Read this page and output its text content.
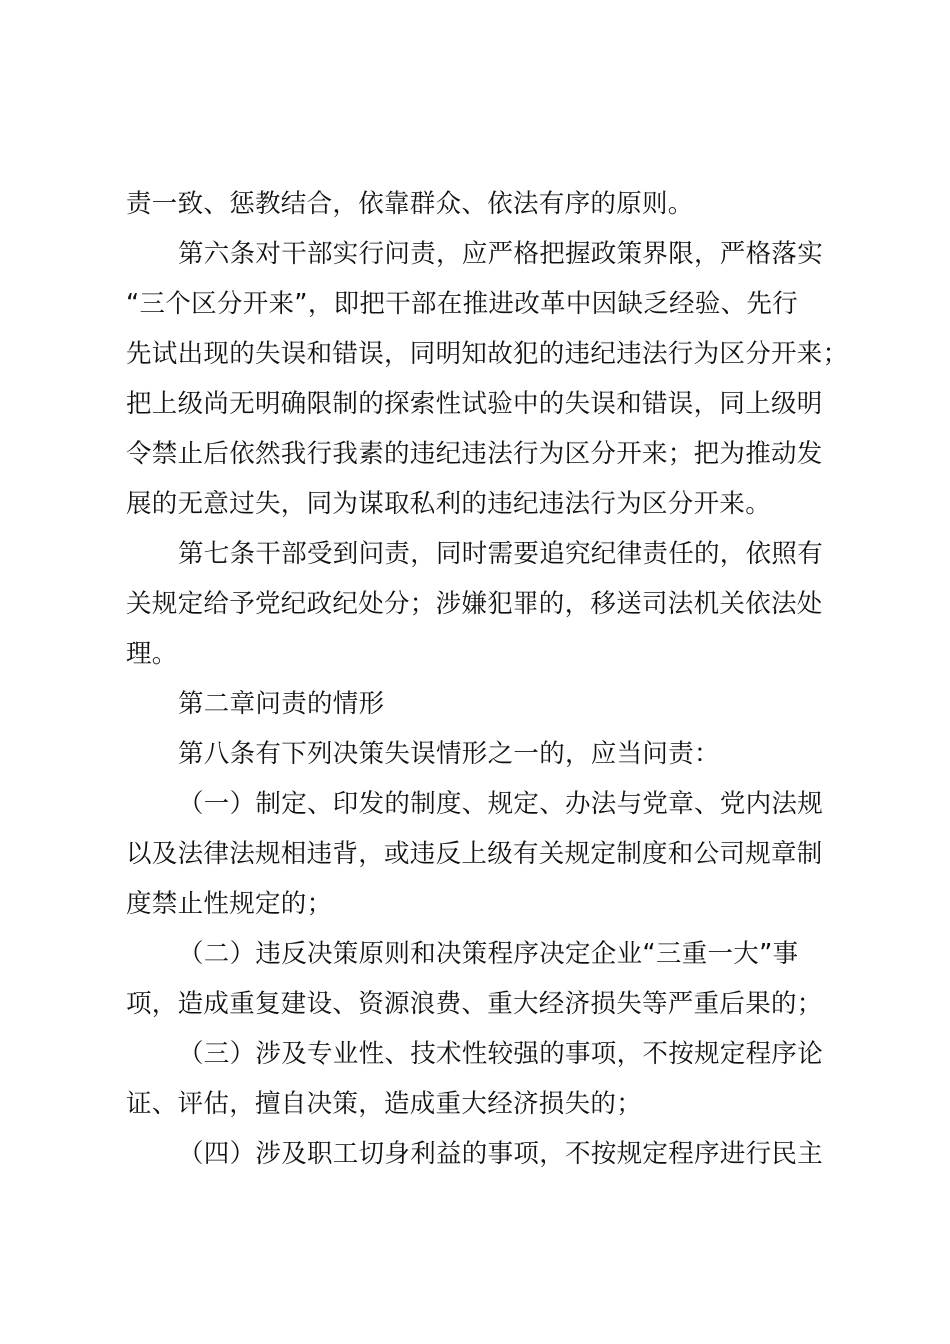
责一致、惩教结合，依靠群众、依法有序的原则。
第六条对干部实行问责，应严格把握政策界限，严格落实
“三个区分开来”，即把干部在推进改革中因缺乏经验、先行
先试出现的失误和错误，同明知故犯的违纪违法行为区分开来；
把上级尚无明确限制的探索性试验中的失误和错误，同上级明
令禁止后依然我行我素的违纪违法行为区分开来；把为推动发
展的无意过失，同为谋取私利的违纪违法行为区分开来。
第七条干部受到问责，同时需要追究纪律责任的，依照有
关规定给予党纪政纪处分；涉嫌犯罪的，移送司法机关依法处
理。
第二章问责的情形
第八条有下列决策失误情形之一的，应当问责：
（一）制定、印发的制度、规定、办法与党章、党内法规
以及法律法规相违背，或违反上级有关规定制度和公司规章制
度禁止性规定的；
（二）违反决策原则和决策程序决定企业“三重一大”事
项，造成重复建设、资源浪费、重大经济损失等严重后果的；
（三）涉及专业性、技术性较强的事项，不按规定程序论
证、评估，擅自决策，造成重大经济损失的；
（四）涉及职工切身利益的事项，不按规定程序进行民主
